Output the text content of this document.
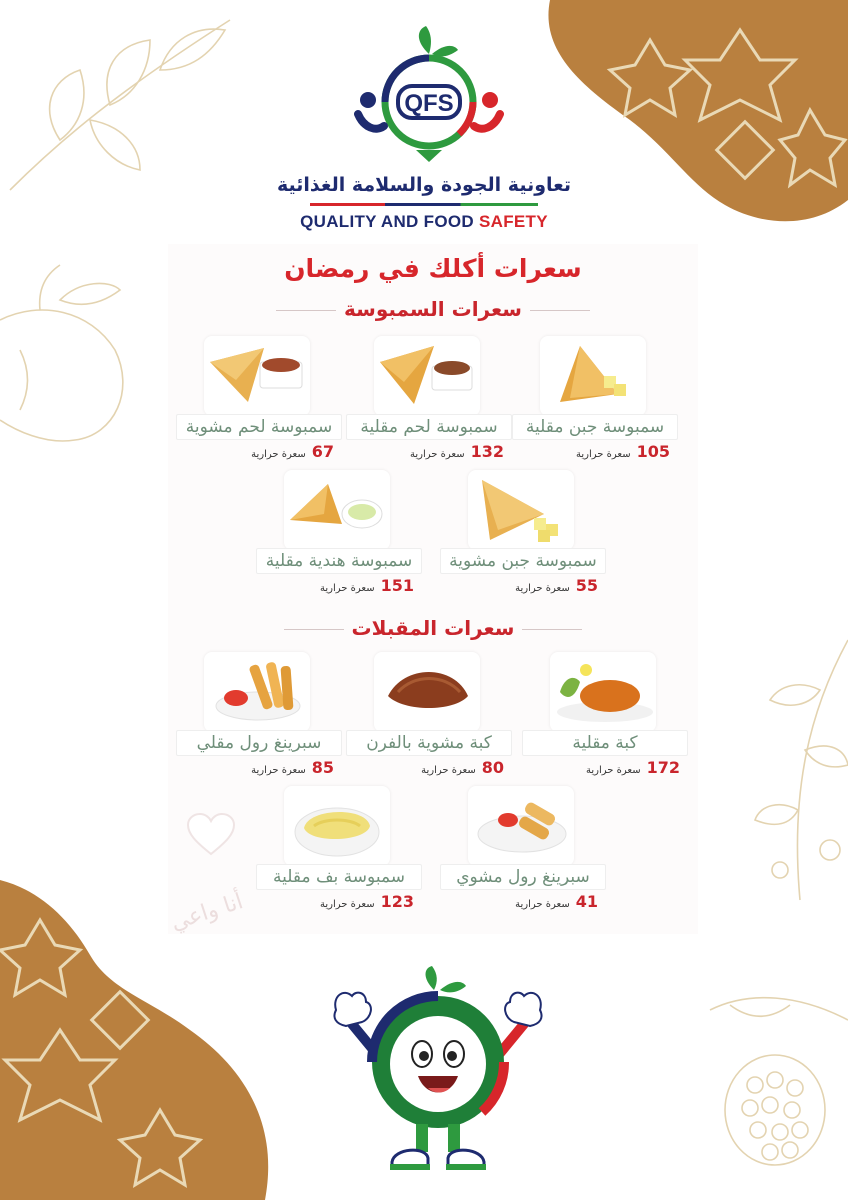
QFS
تعاونية الجودة والسلامة الغذائية
QUALITY AND FOOD SAFETY
سعرات أكلك في رمضان
سعرات السمبوسة
سعرات المقبلات
سمبوسة جبن مقلية
105سعرة حرارية
سمبوسة لحم مقلية
132سعرة حرارية
سمبوسة لحم مشوية
67سعرة حرارية
سمبوسة جبن مشوية
55سعرة حرارية
سمبوسة هندية مقلية
151سعرة حرارية
كبة مقلية
172سعرة حرارية
كبة مشوية بالفرن
80سعرة حرارية
سبرينغ رول مقلي
85سعرة حرارية
سبرينغ رول مشوي
41سعرة حرارية
سمبوسة بف مقلية
123سعرة حرارية
أنا واعي
